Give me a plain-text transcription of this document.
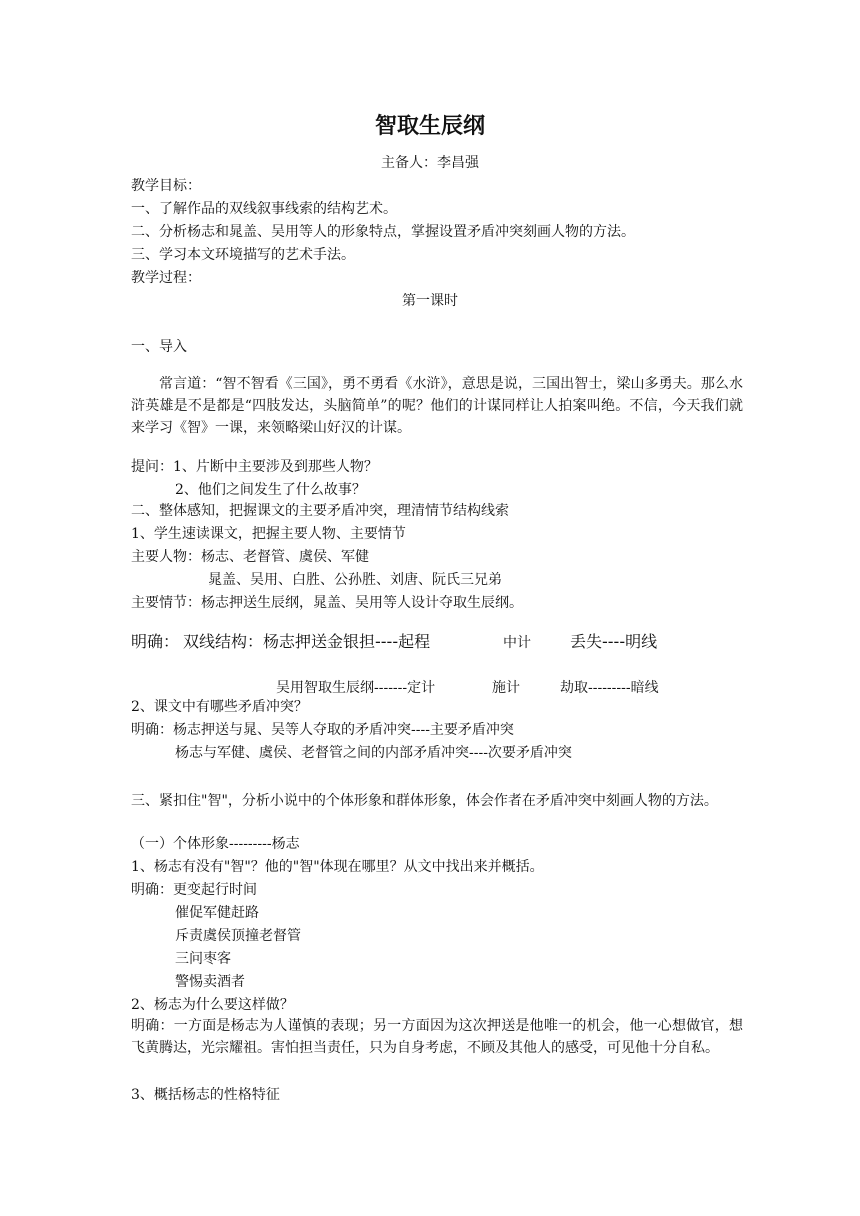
智取生辰纲
主备人：李昌强
教学目标：
一、了解作品的双线叙事线索的结构艺术。
二、分析杨志和晁盖、吴用等人的形象特点，掌握设置矛盾冲突刻画人物的方法。
三、学习本文环境描写的艺术手法。
教学过程：
第一课时
一、导入
常言道：“智不智看《三国》，勇不勇看《水浒》，意思是说，三国出智士，梁山多勇夫。那么水浒英雄是不是都是“四肢发达，头脑简单”的呢？他们的计谋同样让人拍案叫绝。不信，今天我们就来学习《智》一课，来领略梁山好汉的计谋。
提问：1、片断中主要涉及到那些人物？
2、他们之间发生了什么故事？
二、整体感知，把握课文的主要矛盾冲突，理清情节结构线索
1、学生速读课文，把握主要人物、主要情节
主要人物：杨志、老督管、虞侯、军健
晁盖、吴用、白胜、公孙胜、刘唐、阮氏三兄弟
主要情节：杨志押送生辰纲，晁盖、吴用等人设计夺取生辰纲。
明确： 双线结构：杨志押送金银担----起程	中计 丢失----明线
吴用智取生辰纲-------定计	施计	劫取---------暗线
2、课文中有哪些矛盾冲突？
明确：杨志押送与晁、吴等人夺取的矛盾冲突----主要矛盾冲突
杨志与军健、虞侯、老督管之间的内部矛盾冲突----次要矛盾冲突
三、紧扣住"智"，分析小说中的个体形象和群体形象，体会作者在矛盾冲突中刻画人物的方法。
（一）个体形象---------杨志
1、杨志有没有"智"？他的"智"体现在哪里？从文中找出来并概括。
明确：更变起行时间
催促军健赶路
斥责虞侯顶撞老督管
三问枣客
警惕卖酒者
2、杨志为什么要这样做？
明确：一方面是杨志为人谨慎的表现；另一方面因为这次押送是他唯一的机会，他一心想做官，想飞黄腾达，光宗耀祖。害怕担当责任，只为自身考虑，不顾及其他人的感受，可见他十分自私。
3、概括杨志的性格特征
